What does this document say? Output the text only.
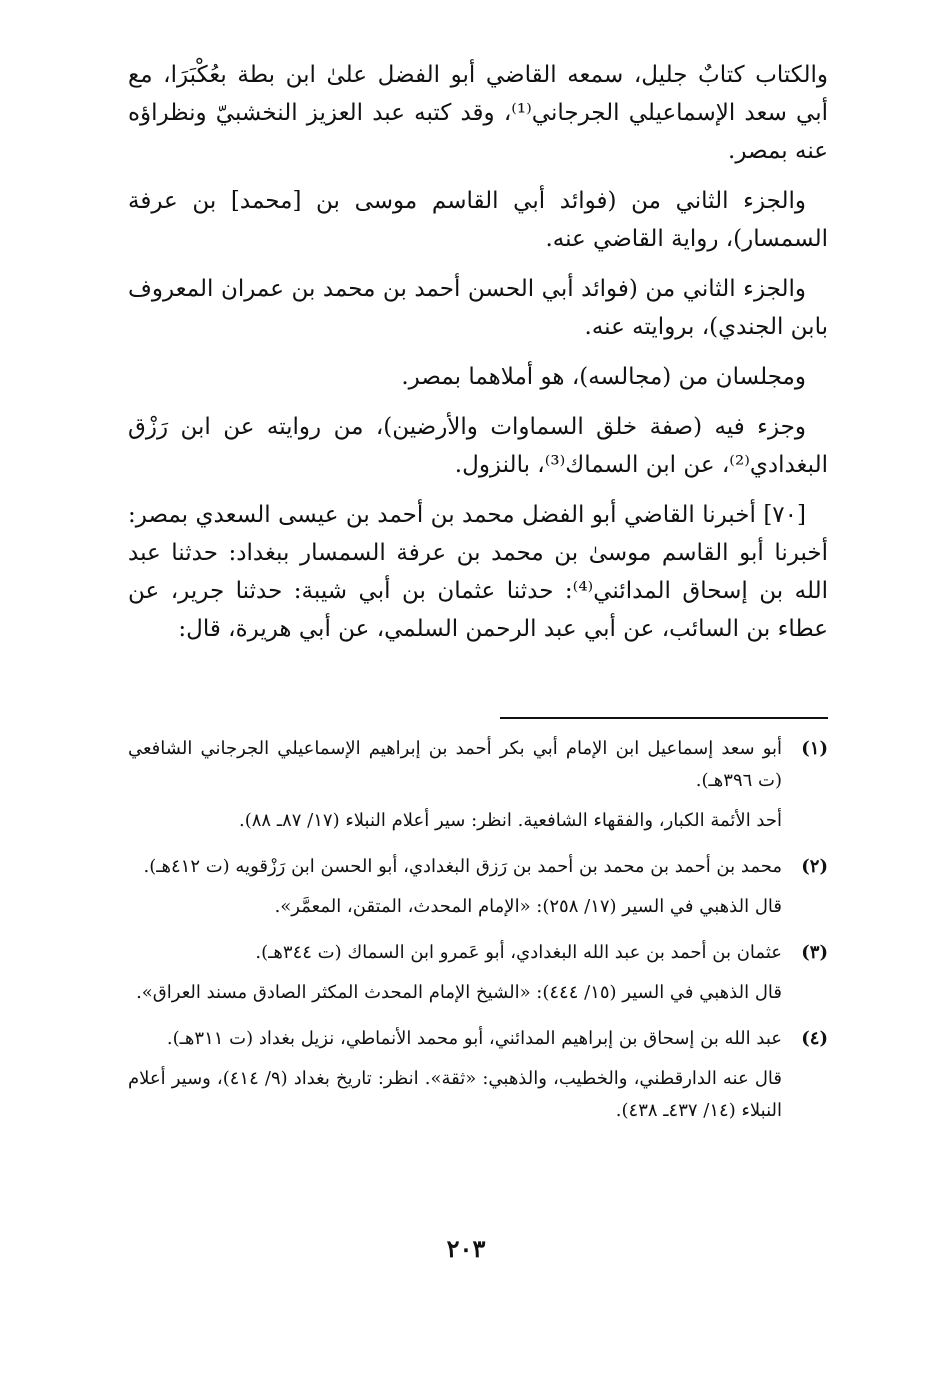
والكتاب كتابٌ جليل، سمعه القاضي أبو الفضل علىٰ ابن بطة بعُكْبَرَا، مع أبي سعد الإسماعيلي الجرجاني⁽¹⁾، وقد كتبه عبد العزيز النخشبيّ ونظراؤه عنه بمصر.

والجزء الثاني من (فوائد أبي القاسم موسى بن [محمد] بن عرفة السمسار)، رواية القاضي عنه.

والجزء الثاني من (فوائد أبي الحسن أحمد بن محمد بن عمران المعروف بابن الجندي)، بروايته عنه.

ومجلسان من (مجالسه)، هو أملاهما بمصر.

وجزء فيه (صفة خلق السماوات والأرضين)، من روايته عن ابن رَزْق البغدادي⁽²⁾، عن ابن السماك⁽³⁾، بالنزول.

[٧٠] أخبرنا القاضي أبو الفضل محمد بن أحمد بن عيسى السعدي بمصر: أخبرنا أبو القاسم موسىٰ بن محمد بن عرفة السمسار ببغداد: حدثنا عبد الله بن إسحاق المدائني⁽⁴⁾: حدثنا عثمان بن أبي شيبة: حدثنا جرير، عن عطاء بن السائب، عن أبي عبد الرحمن السلمي، عن أبي هريرة، قال:

(١)

أبو سعد إسماعيل ابن الإمام أبي بكر أحمد بن إبراهيم الإسماعيلي الجرجاني الشافعي (ت ٣٩٦هـ).

أحد الأئمة الكبار، والفقهاء الشافعية. انظر: سير أعلام النبلاء (١٧/ ٨٧ـ ٨٨).

(٢)

محمد بن أحمد بن محمد بن أحمد بن رَزق البغدادي، أبو الحسن ابن رَزْقويه (ت ٤١٢هـ).

قال الذهبي في السير (١٧/ ٢٥٨): «الإمام المحدث، المتقن، المعمَّر».

(٣)

عثمان بن أحمد بن عبد الله البغدادي، أبو عَمرو ابن السماك (ت ٣٤٤هـ).

قال الذهبي في السير (١٥/ ٤٤٤): «الشيخ الإمام المحدث المكثر الصادق مسند العراق».

(٤)

عبد الله بن إسحاق بن إبراهيم المدائني، أبو محمد الأنماطي، نزيل بغداد (ت ٣١١هـ).

قال عنه الدارقطني، والخطيب، والذهبي: «ثقة». انظر: تاريخ بغداد (٩/ ٤١٤)، وسير أعلام النبلاء (١٤/ ٤٣٧ـ ٤٣٨).

٢٠٣
